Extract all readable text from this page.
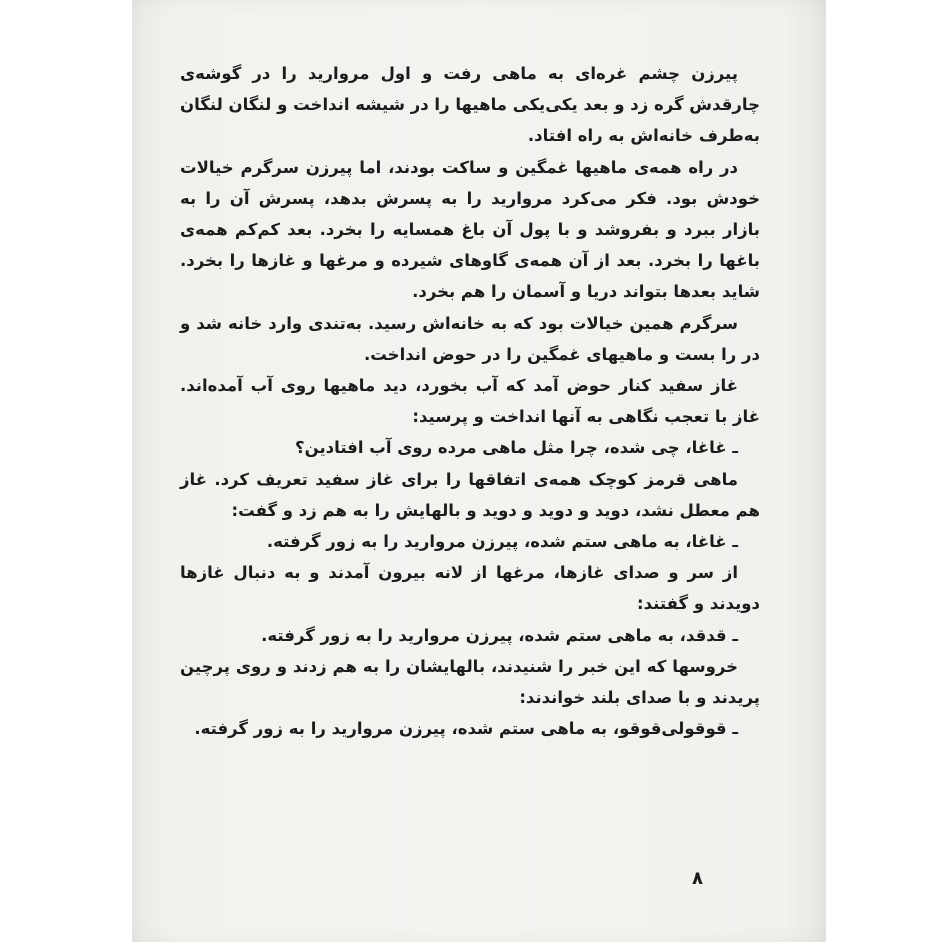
پیرزن چشم غره‌ای به ماهی رفت و اول مروارید را در گوشه‌ی چارقدش گره زد و بعد یکی‌یکی ماهیها را در شیشه انداخت و لنگان لنگان به‌طرف خانه‌اش به راه افتاد.

در راه همه‌ی ماهیها غمگین و ساکت بودند، اما پیرزن سرگرم خیالات خودش بود. فکر می‌کرد مروارید را به پسرش بدهد، پسرش آن را به بازار ببرد و بفروشد و با پول آن باغ همسایه را بخرد. بعد کم‌کم همه‌ی باغها را بخرد. بعد از آن همه‌ی گاوهای شیرده و مرغها و غازها را بخرد. شاید بعدها بتواند دریا و آسمان را هم بخرد.

سرگرم همین خیالات بود که به خانه‌اش رسید. به‌تندی وارد خانه شد و در را بست و ماهیهای غمگین را در حوض انداخت.

غاز سفید کنار حوض آمد که آب بخورد، دید ماهیها روی آب آمده‌اند. غاز با تعجب نگاهی به آنها انداخت و پرسید:

ـ غاغا، چی شده، چرا مثل ماهی مرده روی آب افتادین؟

ماهی قرمز کوچک همه‌ی اتفاقها را برای غاز سفید تعریف کرد. غاز هم معطل نشد، دوید و دوید و دوید و بالهایش را به هم زد و گفت:

ـ غاغا، به ماهی ستم شده، پیرزن مروارید را به زور گرفته.

از سر و صدای غازها، مرغها از لانه بیرون آمدند و به دنبال غازها دویدند و گفتند:

ـ قدقد، به ماهی ستم شده، پیرزن مروارید را به زور گرفته.

خروسها که این خبر را شنیدند، بالهایشان را به هم زدند و روی پرچین پریدند و با صدای بلند خواندند:

ـ قوقولی‌قوقو، به ماهی ستم شده، پیرزن مروارید را به زور گرفته.

۸
